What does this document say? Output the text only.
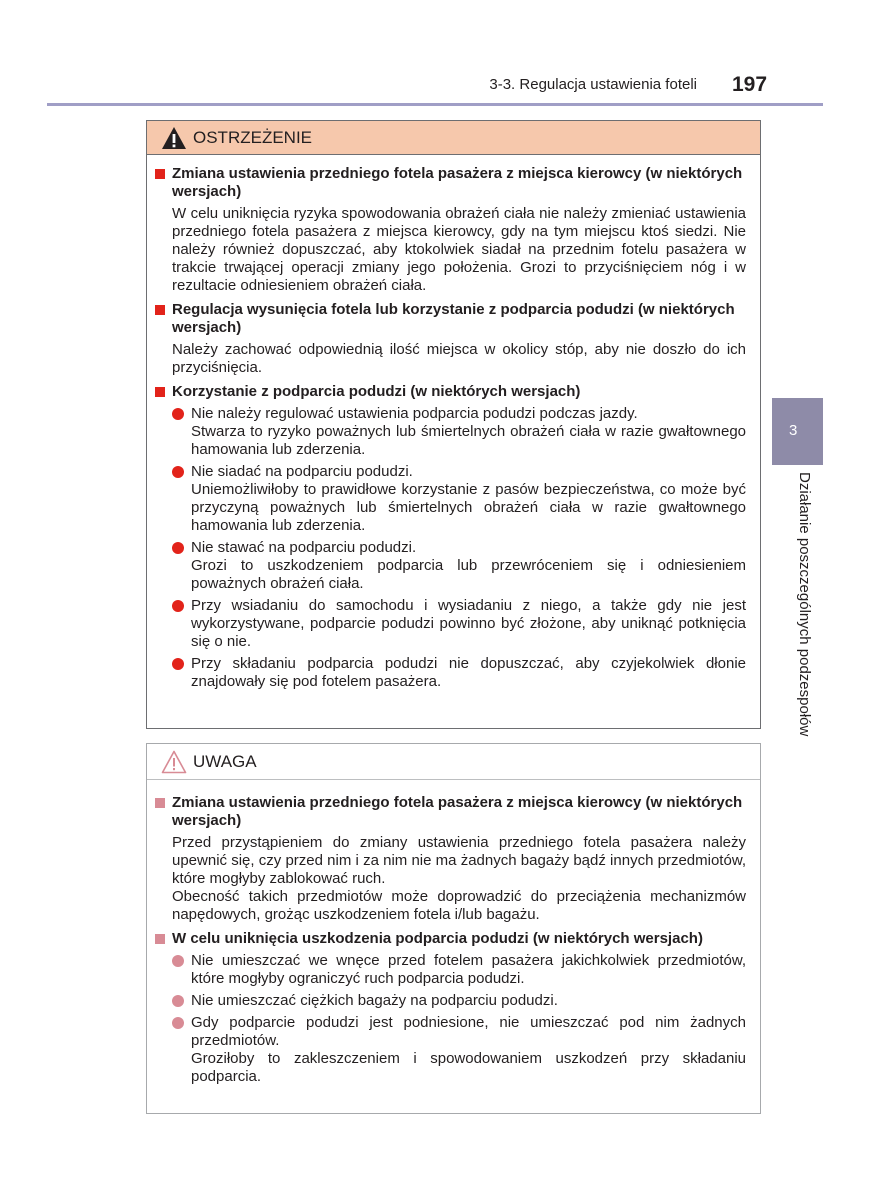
3-3. Regulacja ustawienia foteli 197
3
Działanie poszczególnych podzespołów
OSTRZEŻENIE
Zmiana ustawienia przedniego fotela pasażera z miejsca kierowcy (w niektórych wersjach)
W celu uniknięcia ryzyka spowodowania obrażeń ciała nie należy zmieniać ustawienia przedniego fotela pasażera z miejsca kierowcy, gdy na tym miejscu ktoś siedzi. Nie należy również dopuszczać, aby ktokolwiek siadał na przednim fotelu pasażera w trakcie trwającej operacji zmiany jego położenia. Grozi to przyciśnięciem nóg i w rezultacie odniesieniem obrażeń ciała.
Regulacja wysunięcia fotela lub korzystanie z podparcia podudzi (w niektórych wersjach)
Należy zachować odpowiednią ilość miejsca w okolicy stóp, aby nie doszło do ich przyciśnięcia.
Korzystanie z podparcia podudzi (w niektórych wersjach)
Nie należy regulować ustawienia podparcia podudzi podczas jazdy.
Stwarza to ryzyko poważnych lub śmiertelnych obrażeń ciała w razie gwałtownego hamowania lub zderzenia.
Nie siadać na podparciu podudzi.
Uniemożliwiłoby to prawidłowe korzystanie z pasów bezpieczeństwa, co może być przyczyną poważnych lub śmiertelnych obrażeń ciała w razie gwałtownego hamowania lub zderzenia.
Nie stawać na podparciu podudzi.
Grozi to uszkodzeniem podparcia lub przewróceniem się i odniesieniem poważnych obrażeń ciała.
Przy wsiadaniu do samochodu i wysiadaniu z niego, a także gdy nie jest wykorzystywane, podparcie podudzi powinno być złożone, aby uniknąć potknięcia się o nie.
Przy składaniu podparcia podudzi nie dopuszczać, aby czyjekolwiek dłonie znajdowały się pod fotelem pasażera.
UWAGA
Zmiana ustawienia przedniego fotela pasażera z miejsca kierowcy (w niektórych wersjach)
Przed przystąpieniem do zmiany ustawienia przedniego fotela pasażera należy upewnić się, czy przed nim i za nim nie ma żadnych bagaży bądź innych przedmiotów, które mogłyby zablokować ruch.
Obecność takich przedmiotów może doprowadzić do przeciążenia mechanizmów napędowych, grożąc uszkodzeniem fotela i/lub bagażu.
W celu uniknięcia uszkodzenia podparcia podudzi (w niektórych wersjach)
Nie umieszczać we wnęce przed fotelem pasażera jakichkolwiek przedmiotów, które mogłyby ograniczyć ruch podparcia podudzi.
Nie umieszczać ciężkich bagaży na podparciu podudzi.
Gdy podparcie podudzi jest podniesione, nie umieszczać pod nim żadnych przedmiotów.
Groziłoby to zakleszczeniem i spowodowaniem uszkodzeń przy składaniu podparcia.
